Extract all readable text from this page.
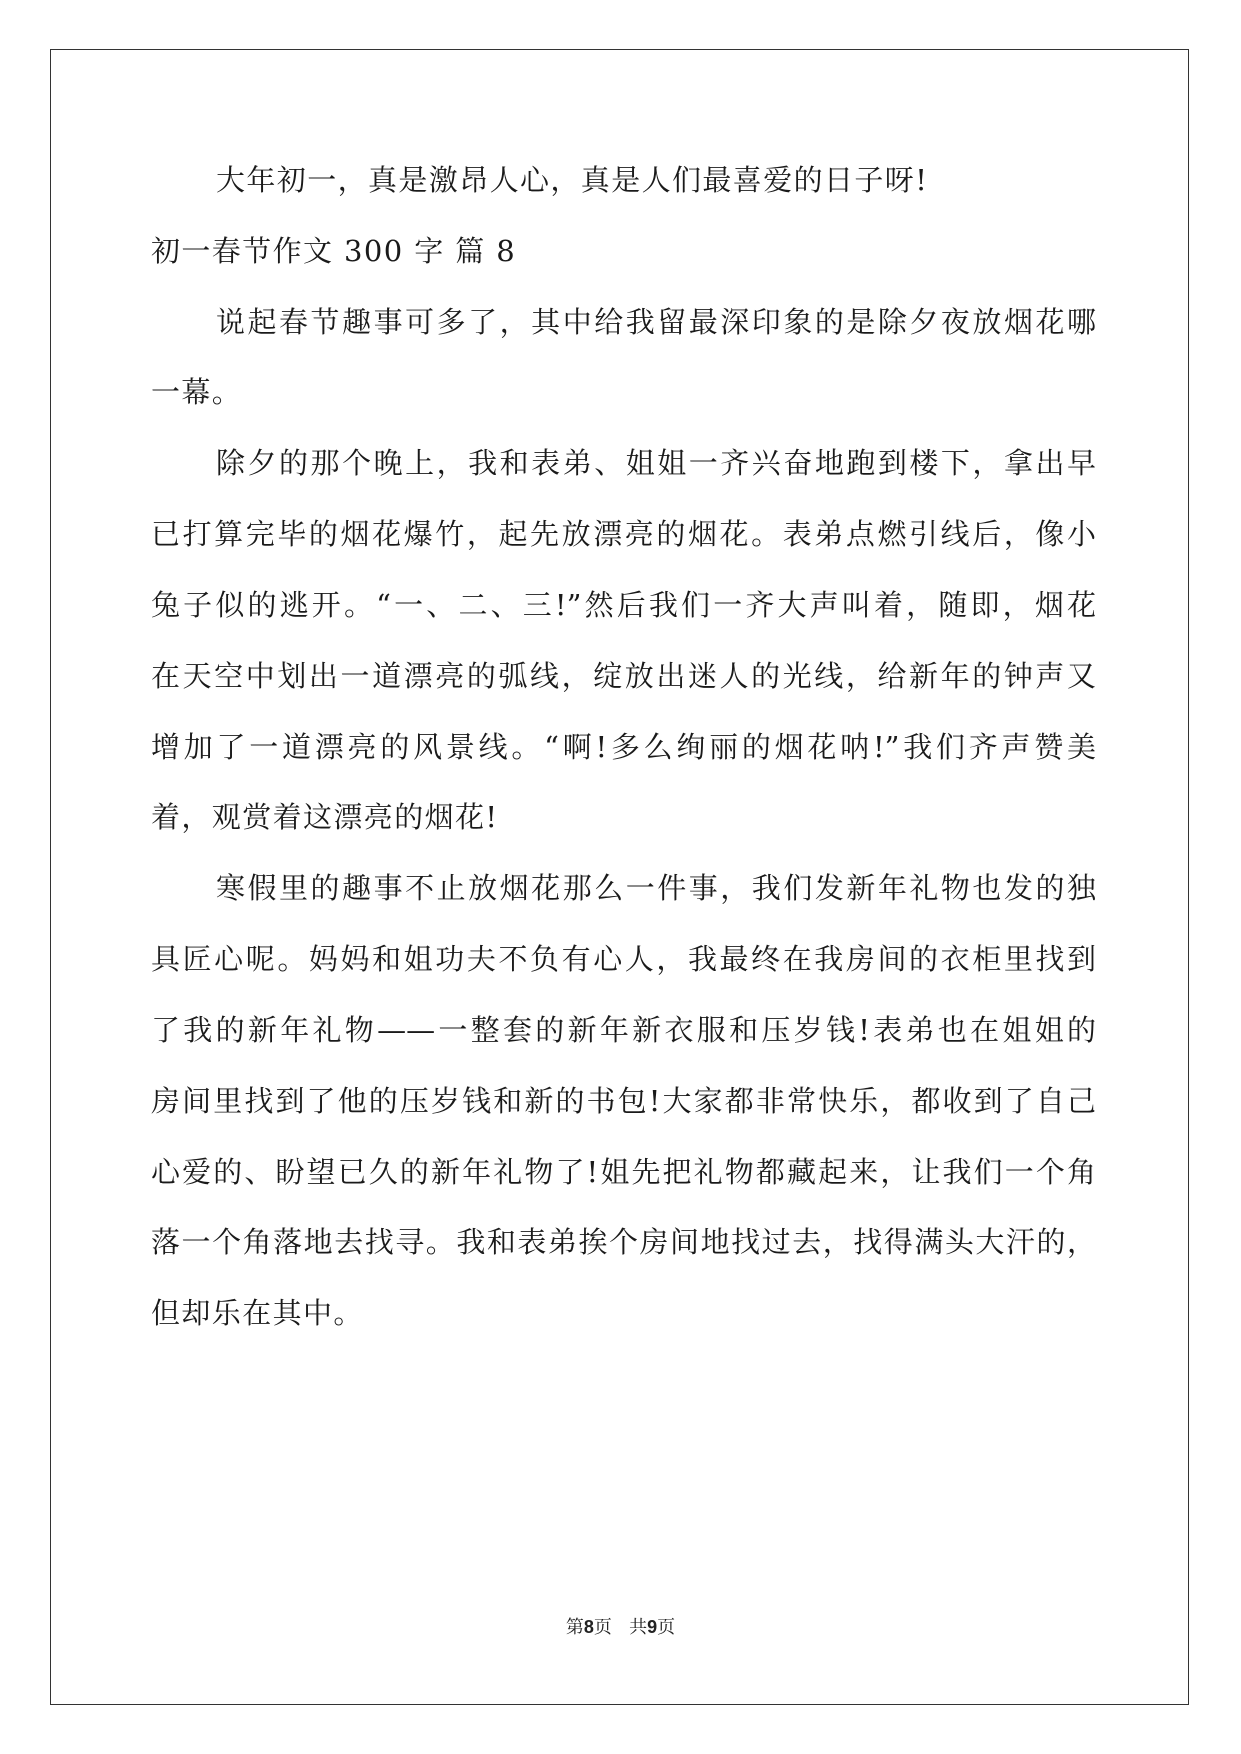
大年初一，真是激昂人心，真是人们最喜爱的日子呀!
初一春节作文 300 字 篇 8
说起春节趣事可多了，其中给我留最深印象的是除夕夜放烟花哪
一幕。
除夕的那个晚上，我和表弟、姐姐一齐兴奋地跑到楼下，拿出早
已打算完毕的烟花爆竹，起先放漂亮的烟花。表弟点燃引线后，像小
兔子似的逃开。“一、二、三!”然后我们一齐大声叫着，随即，烟花
在天空中划出一道漂亮的弧线，绽放出迷人的光线，给新年的钟声又
增加了一道漂亮的风景线。“啊!多么绚丽的烟花呐!”我们齐声赞美
着，观赏着这漂亮的烟花!
寒假里的趣事不止放烟花那么一件事，我们发新年礼物也发的独
具匠心呢。妈妈和姐功夫不负有心人，我最终在我房间的衣柜里找到
了我的新年礼物——一整套的新年新衣服和压岁钱!表弟也在姐姐的
房间里找到了他的压岁钱和新的书包!大家都非常快乐，都收到了自己
心爱的、盼望已久的新年礼物了!姐先把礼物都藏起来，让我们一个角
落一个角落地去找寻。我和表弟挨个房间地找过去，找得满头大汗的，
但却乐在其中。
第8页   共9页
